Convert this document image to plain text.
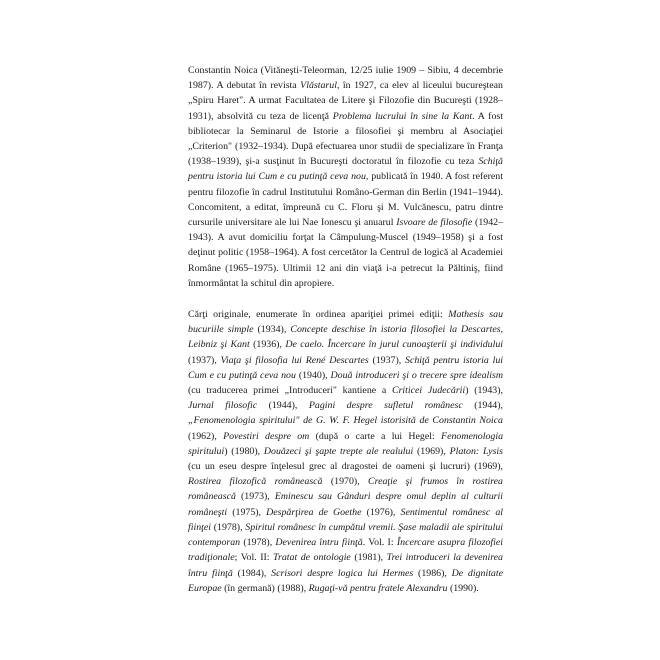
Constantin Noica (Vităneşti-Teleorman, 12/25 iulie 1909 – Sibiu, 4 decembrie 1987). A debutat în revista Vlăstarul, în 1927, ca elev al liceului bucureştean „Spiru Haret". A urmat Facultatea de Litere şi Filozofie din Bucureşti (1928–1931), absolvită cu teza de licenţă Problema lucrului în sine la Kant. A fost bibliotecar la Seminarul de Istorie a filosofiei şi membru al Asociaţiei „Criterion" (1932–1934). După efectuarea unor studii de specializare în Franţa (1938–1939), şi-a susţinut în Bucureşti doctoratul în filozofie cu teza Schiţă pentru istoria lui Cum e cu putinţă ceva nou, publicată în 1940. A fost referent pentru filozofie în cadrul Institutului Româno-German din Berlin (1941–1944). Concomitent, a editat, împreună cu C. Floru şi M. Vulcănescu, patru dintre cursurile universitare ale lui Nae Ionescu şi anuarul Isvoare de filosofie (1942–1943). A avut domiciliu forţat la Câmpulung-Muscel (1949–1958) şi a fost deţinut politic (1958–1964). A fost cercetător la Centrul de logică al Academiei Române (1965–1975). Ultimii 12 ani din viaţă i-a petrecut la Păltiniş, fiind înmormântat la schitul din apropiere.

Cărţi originale, enumerate în ordinea apariţiei primei ediţii: Mathesis sau bucuriile simple (1934), Concepte deschise în istoria filosofiei la Descartes, Leibniz şi Kant (1936), De caelo. Încercare în jurul cunoaşterii şi individului (1937), Viaţa şi filosofia lui René Descartes (1937), Schiţă pentru istoria lui Cum e cu putinţă ceva nou (1940), Două introduceri şi o trecere spre idealism (cu traducerea primei „Introduceri" kantiene a Criticei Judecării) (1943), Jurnal filosofic (1944), Pagini despre sufletul românesc (1944), „Fenomenologia spiritului" de G. W. F. Hegel istorisită de Constantin Noica (1962), Povestiri despre om (după o carte a lui Hegel: Fenomenologia spiritului) (1980), Douăzeci şi şapte trepte ale realului (1969), Platon: Lysis (cu un eseu despre înţelesul grec al dragostei de oameni şi lucruri) (1969), Rostirea filozofică românească (1970), Creaţie şi frumos în rostirea românească (1973), Eminescu sau Gânduri despre omul deplin al culturii româneşti (1975), Despărţirea de Goethe (1976), Sentimentul românesc al fiinţei (1978), Spiritul românesc în cumpătul vremii. Şase maladii ale spiritului contemporan (1978), Devenirea întru fiinţă. Vol. I: Încercare asupra filozofiei tradiţionale; Vol. II: Tratat de ontologie (1981), Trei introduceri la devenirea întru fiinţă (1984), Scrisori despre logica lui Hermes (1986), De dignitate Europae (în germană) (1988), Rugaţi-vă pentru fratele Alexandru (1990).
